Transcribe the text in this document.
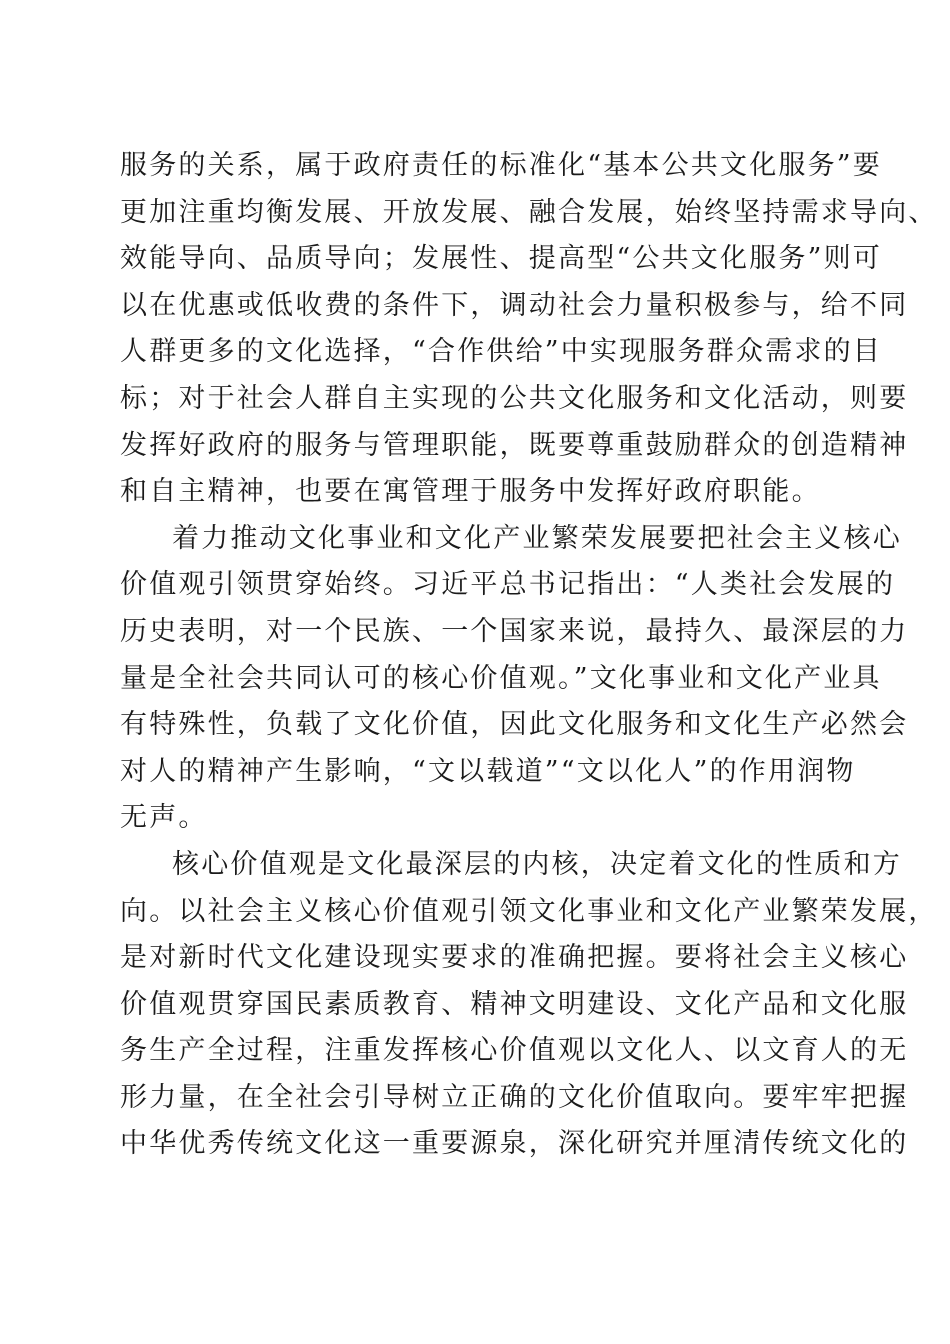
服务的关系，属于政府责任的标准化“基本公共文化服务”要
更加注重均衡发展、开放发展、融合发展，始终坚持需求导向、
效能导向、品质导向；发展性、提高型“公共文化服务”则可
以在优惠或低收费的条件下，调动社会力量积极参与，给不同
人群更多的文化选择，“合作供给”中实现服务群众需求的目
标；对于社会人群自主实现的公共文化服务和文化活动，则要
发挥好政府的服务与管理职能，既要尊重鼓励群众的创造精神
和自主精神，也要在寓管理于服务中发挥好政府职能。
着力推动文化事业和文化产业繁荣发展要把社会主义核心
价值观引领贯穿始终。习近平总书记指出：“人类社会发展的
历史表明，对一个民族、一个国家来说，最持久、最深层的力
量是全社会共同认可的核心价值观。”文化事业和文化产业具
有特殊性，负载了文化价值，因此文化服务和文化生产必然会
对人的精神产生影响，“文以载道”“文以化人”的作用润物
无声。
核心价值观是文化最深层的内核，决定着文化的性质和方
向。以社会主义核心价值观引领文化事业和文化产业繁荣发展，
是对新时代文化建设现实要求的准确把握。要将社会主义核心
价值观贯穿国民素质教育、精神文明建设、文化产品和文化服
务生产全过程，注重发挥核心价值观以文化人、以文育人的无
形力量，在全社会引导树立正确的文化价值取向。要牢牢把握
中华优秀传统文化这一重要源泉，深化研究并厘清传统文化的
